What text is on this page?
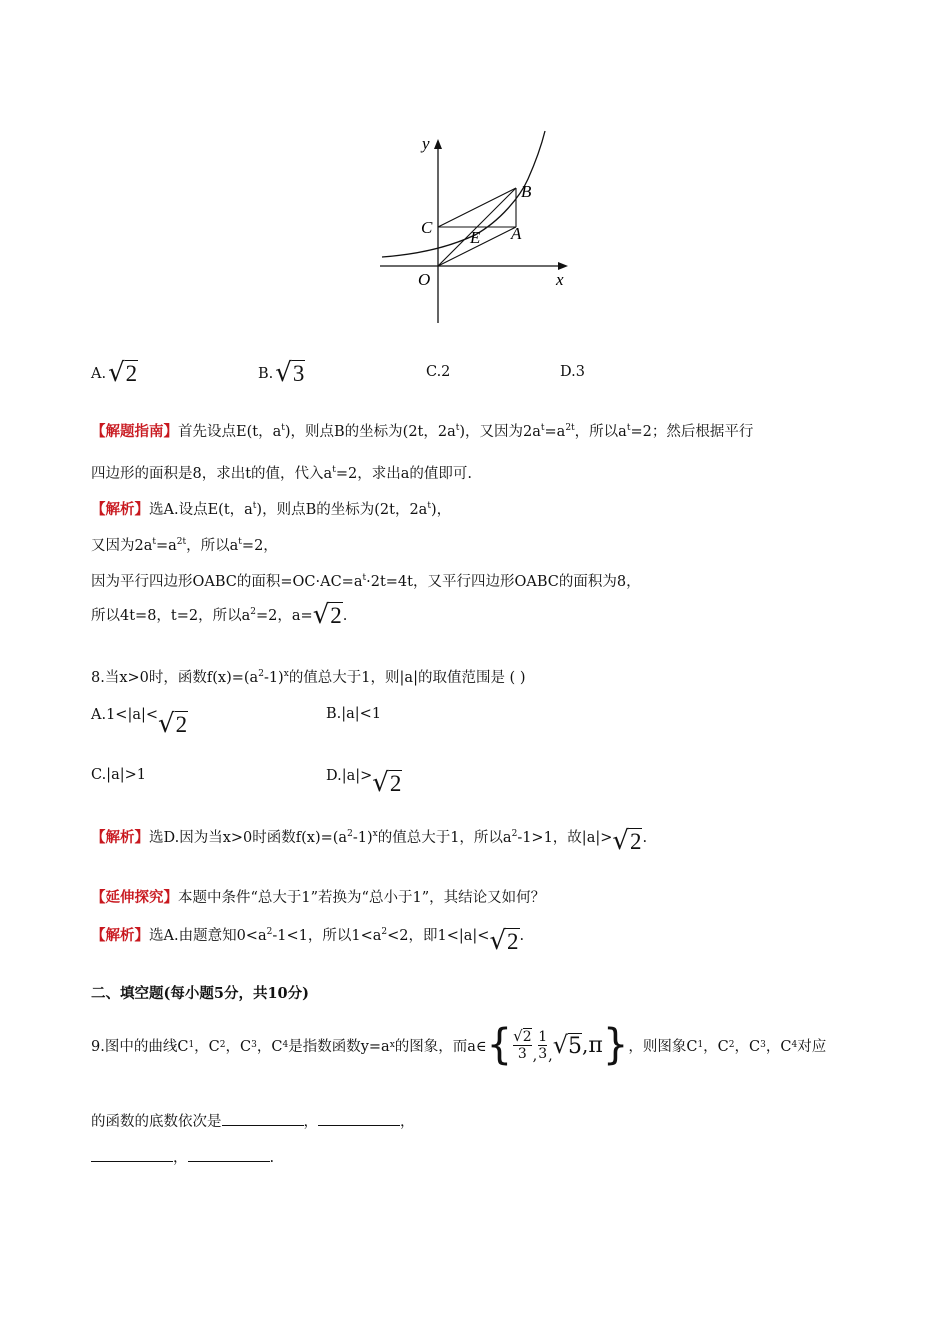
y
x
O
B
C
E A
A.√2	B.√3	C.2	D.3
【解题指南】首先设点E(t，$a^t$)，则点B的坐标为(2t，$2a^t$)，又因为$2a^t=a^{2t}$，所以$a^t=2$；然后根据平行
四边形的面积是8，求出t的值，代入$a^t=2$，求出a的值即可.
【解析】选A.设点E(t，$a^t$)，则点B的坐标为(2t，$2a^t$)，
又因为$2a^t=a^{2t}$，所以$a^t=2$，
因为平行四边形OABC的面积$=OC\cdot AC=a^t\cdot 2t=4t$，又平行四边形OABC的面积为8，
所以4t=8，t=2，所以$a^2=2$，a=√2.
8.当x>0时，函数$f(x)=(a^2-1)^x$的值总大于1，则|a|的取值范围是 ( )
A.1<|a|<√2	B.|a|<1
C.|a|>1	D.|a|>√2
【解析】选D.因为当x>0时函数$f(x)=(a^2-1)^x$的值总大于1，所以$a^2-1>1$，故|a|>√2.
【延伸探究】本题中条件“总大于1”若换为“总小于1”，其结论又如何？
【解析】选A.由题意知$0<a^2-1<1$，所以$1<a^2<2$，即1<|a|<√2.
二、填空题(每小题5分，共10分)
9.图中的曲线C 1 ，C 2 ，C 3 ，C 4 是指数函数y=a x 的图象，而a∈ { √2
3 ,
1
3 , √5 , π } ，则图象C 1 ，C 2 ，C 3 ，C 4 对应
的函数的底数依次是	，	，
，	.
